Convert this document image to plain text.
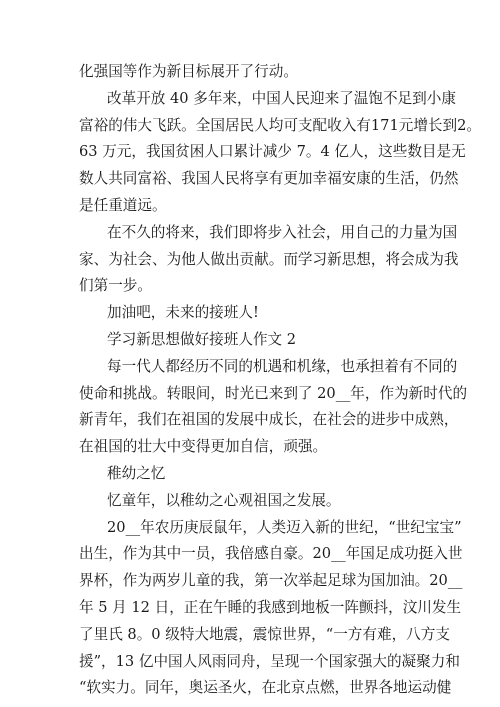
化强国等作为新目标展开了行动。
改革开放 40 多年来，中国人民迎来了温饱不足到小康
富裕的伟大飞跃。全国居民人均可支配收入有171元增长到2。
63 万元，我国贫困人口累计减少 7。4 亿人，这些数目是无
数人共同富裕、我国人民将享有更加幸福安康的生活，仍然
是任重道远。
在不久的将来，我们即将步入社会，用自己的力量为国
家、为社会、为他人做出贡献。而学习新思想，将会成为我
们第一步。
加油吧，未来的接班人!
学习新思想做好接班人作文 2
每一代人都经历不同的机遇和机缘，也承担着有不同的
使命和挑战。转眼间，时光已来到了 20__年，作为新时代的
新青年，我们在祖国的发展中成长，在社会的进步中成熟，
在祖国的壮大中变得更加自信，顽强。
稚幼之忆
忆童年，以稚幼之心观祖国之发展。
20__年农历庚辰鼠年，人类迈入新的世纪，“世纪宝宝”
出生，作为其中一员，我倍感自豪。20__年国足成功挺入世
界杯，作为两岁儿童的我，第一次举起足球为国加油。20__
年 5 月 12 日，正在午睡的我感到地板一阵颤抖，汶川发生
了里氏 8。0 级特大地震，震惊世界，“一方有难，八方支
援”，13 亿中国人风雨同舟，呈现一个国家强大的凝聚力和
“软实力。同年，奥运圣火，在北京点燃，世界各地运动健
